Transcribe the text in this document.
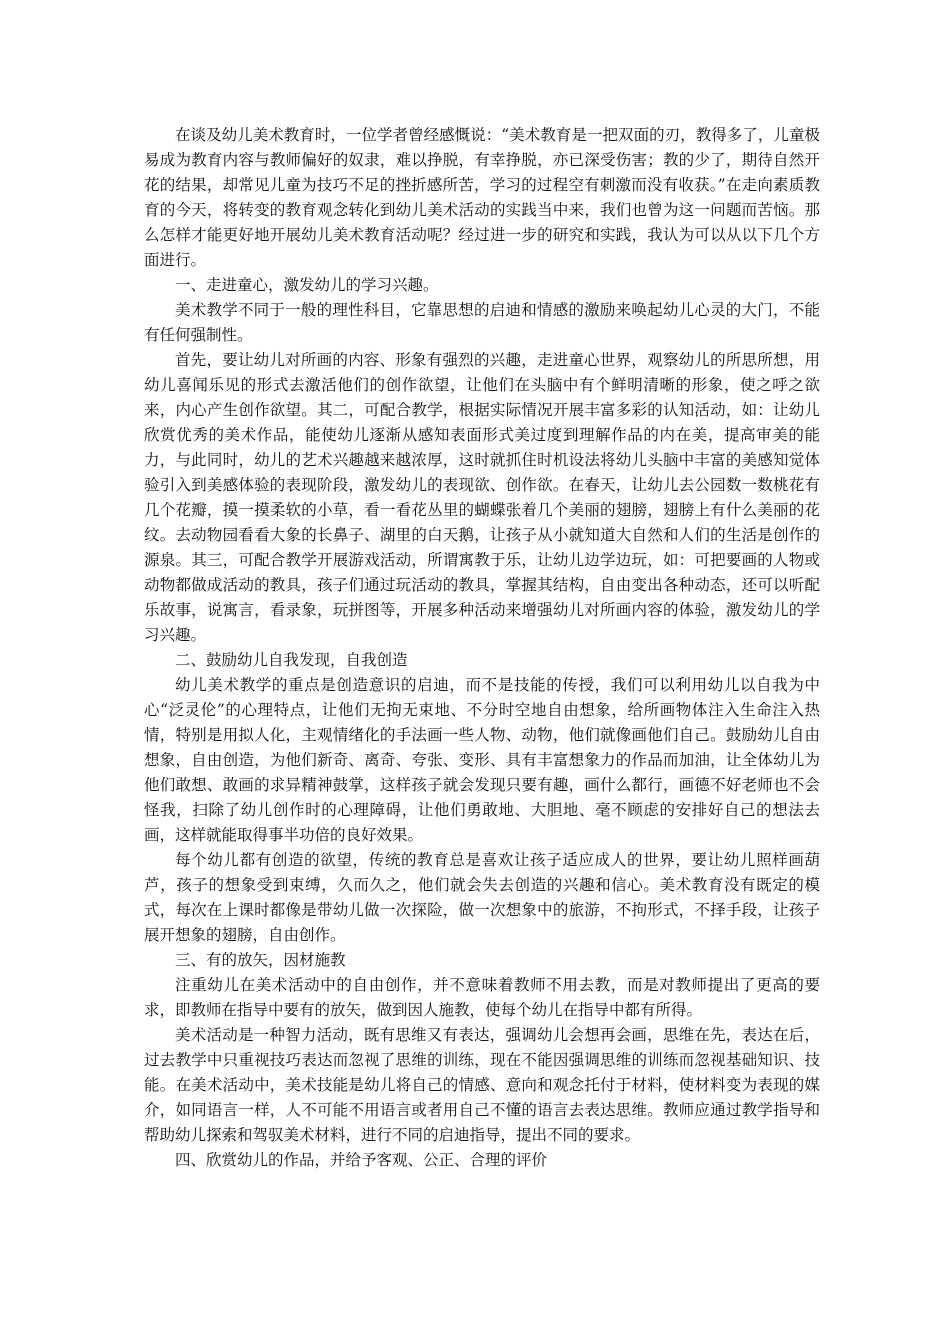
在谈及幼儿美术教育时，一位学者曾经感慨说：“美术教育是一把双面的刃，教得多了，儿童极易成为教育内容与教师偏好的奴隶，难以挣脱，有幸挣脱，亦已深受伤害；教的少了，期待自然开花的结果，却常见儿童为技巧不足的挫折感所苦，学习的过程空有刺激而没有收获。”在走向素质教育的今天，将转变的教育观念转化到幼儿美术活动的实践当中来，我们也曾为这一问题而苦恼。那么怎样才能更好地开展幼儿美术教育活动呢？经过进一步的研究和实践，我认为可以从以下几个方面进行。

一、走进童心，激发幼儿的学习兴趣。

美术教学不同于一般的理性科目，它靠思想的启迪和情感的激励来唤起幼儿心灵的大门，不能有任何强制性。

首先，要让幼儿对所画的内容、形象有强烈的兴趣，走进童心世界，观察幼儿的所思所想，用幼儿喜闻乐见的形式去激活他们的创作欲望，让他们在头脑中有个鲜明清晰的形象，使之呼之欲来，内心产生创作欲望。其二，可配合教学，根据实际情况开展丰富多彩的认知活动，如：让幼儿欣赏优秀的美术作品，能使幼儿逐渐从感知表面形式美过度到理解作品的内在美，提高审美的能力，与此同时，幼儿的艺术兴趣越来越浓厚，这时就抓住时机设法将幼儿头脑中丰富的美感知觉体验引入到美感体验的表现阶段，激发幼儿的表现欲、创作欲。在春天，让幼儿去公园数一数桃花有几个花瓣，摸一摸柔软的小草，看一看花丛里的蝴蝶张着几个美丽的翅膀，翅膀上有什么美丽的花纹。去动物园看看大象的长鼻子、湖里的白天鹅，让孩子从小就知道大自然和人们的生活是创作的源泉。其三，可配合教学开展游戏活动，所谓寓教于乐，让幼儿边学边玩，如：可把要画的人物或动物都做成活动的教具，孩子们通过玩活动的教具，掌握其结构，自由变出各种动态，还可以听配乐故事，说寓言，看录象，玩拼图等，开展多种活动来增强幼儿对所画内容的体验，激发幼儿的学习兴趣。

二、鼓励幼儿自我发现，自我创造

幼儿美术教学的重点是创造意识的启迪，而不是技能的传授，我们可以利用幼儿以自我为中心“泛灵伦”的心理特点，让他们无拘无束地、不分时空地自由想象，给所画物体注入生命注入热情，特别是用拟人化，主观情绪化的手法画一些人物、动物，他们就像画他们自己。鼓励幼儿自由想象，自由创造，为他们新奇、离奇、夸张、变形、具有丰富想象力的作品而加油，让全体幼儿为他们敢想、敢画的求异精神鼓掌，这样孩子就会发现只要有趣，画什么都行，画德不好老师也不会怪我，扫除了幼儿创作时的心理障碍，让他们勇敢地、大胆地、毫不顾虑的安排好自己的想法去画，这样就能取得事半功倍的良好效果。

每个幼儿都有创造的欲望，传统的教育总是喜欢让孩子适应成人的世界，要让幼儿照样画葫芦，孩子的想象受到束缚，久而久之，他们就会失去创造的兴趣和信心。美术教育没有既定的模式，每次在上课时都像是带幼儿做一次探险，做一次想象中的旅游，不拘形式，不择手段，让孩子展开想象的翅膀，自由创作。

三、有的放矢，因材施教

注重幼儿在美术活动中的自由创作，并不意味着教师不用去教，而是对教师提出了更高的要求，即教师在指导中要有的放矢，做到因人施教，使每个幼儿在指导中都有所得。

美术活动是一种智力活动，既有思维又有表达，强调幼儿会想再会画，思维在先，表达在后，过去教学中只重视技巧表达而忽视了思维的训练，现在不能因强调思维的训练而忽视基础知识、技能。在美术活动中，美术技能是幼儿将自己的情感、意向和观念托付于材料，使材料变为表现的媒介，如同语言一样，人不可能不用语言或者用自己不懂的语言去表达思维。教师应通过教学指导和帮助幼儿探索和驾驭美术材料，进行不同的启迪指导，提出不同的要求。

四、欣赏幼儿的作品，并给予客观、公正、合理的评价
